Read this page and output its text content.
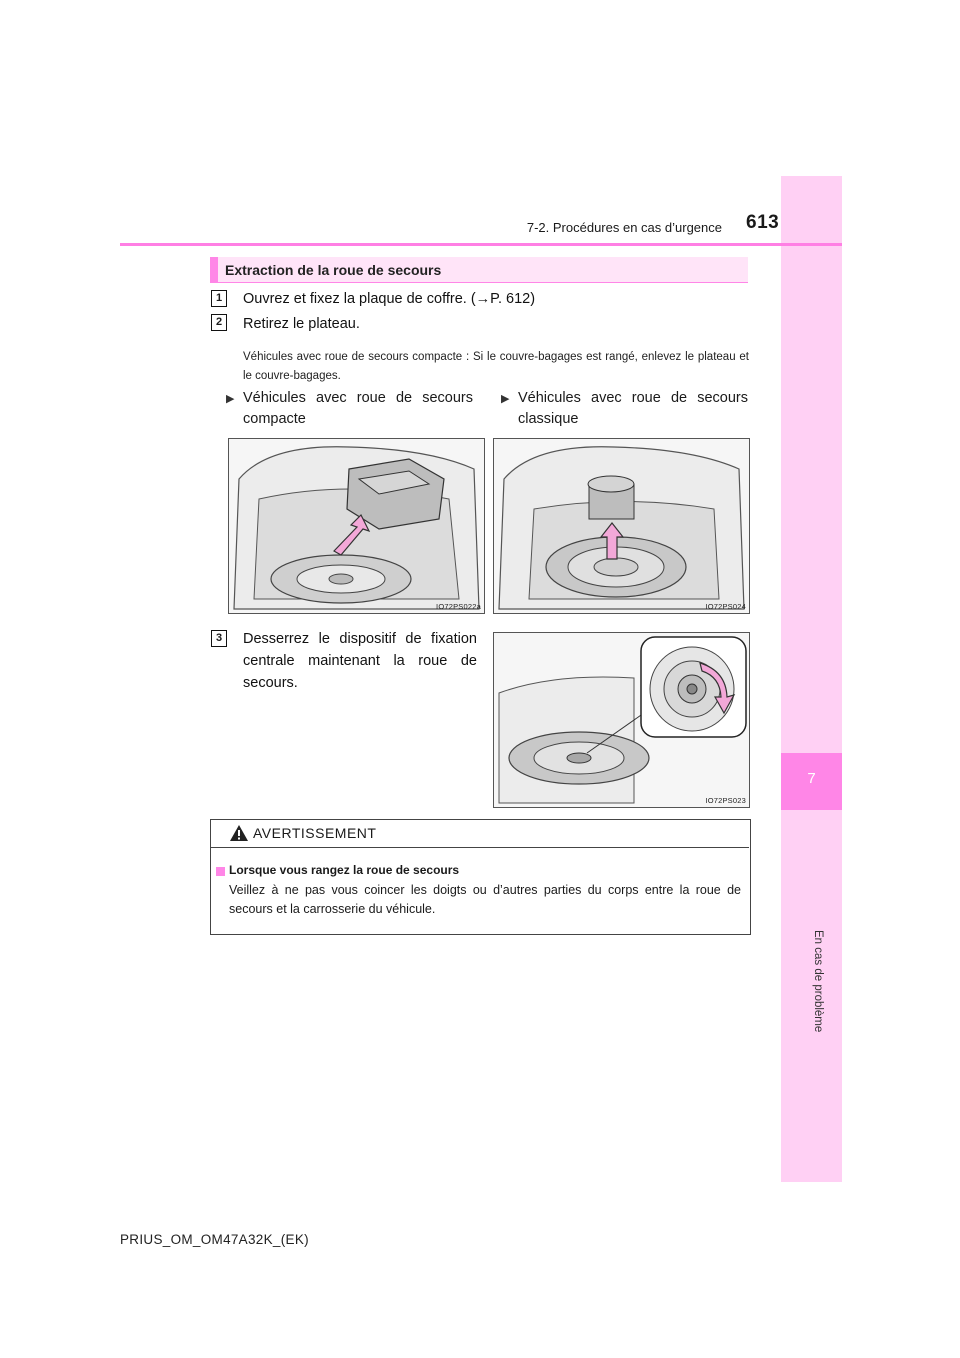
7
En cas de problème
7-2. Procédures en cas d’urgence 613
Extraction de la roue de secours
1	Ouvrez et fixez la plaque de coffre. (→P. 612)
2	Retirez le plateau.
Véhicules avec roue de secours compacte : Si le couvre-bagages est rangé, enlevez le plateau et le couvre-bagages.
▶ Véhicules avec roue de secours compacte
▶ Véhicules avec roue de secours classique
IO72PS022a	IO72PS024
3	Desserrez le dispositif de fixation centrale maintenant la roue de secours.
IO72PS023
AVERTISSEMENT
Lorsque vous rangez la roue de secours
Veillez à ne pas vous coincer les doigts ou d’autres parties du corps entre la roue de secours et la carrosserie du véhicule.
PRIUS_OM_OM47A32K_(EK)
